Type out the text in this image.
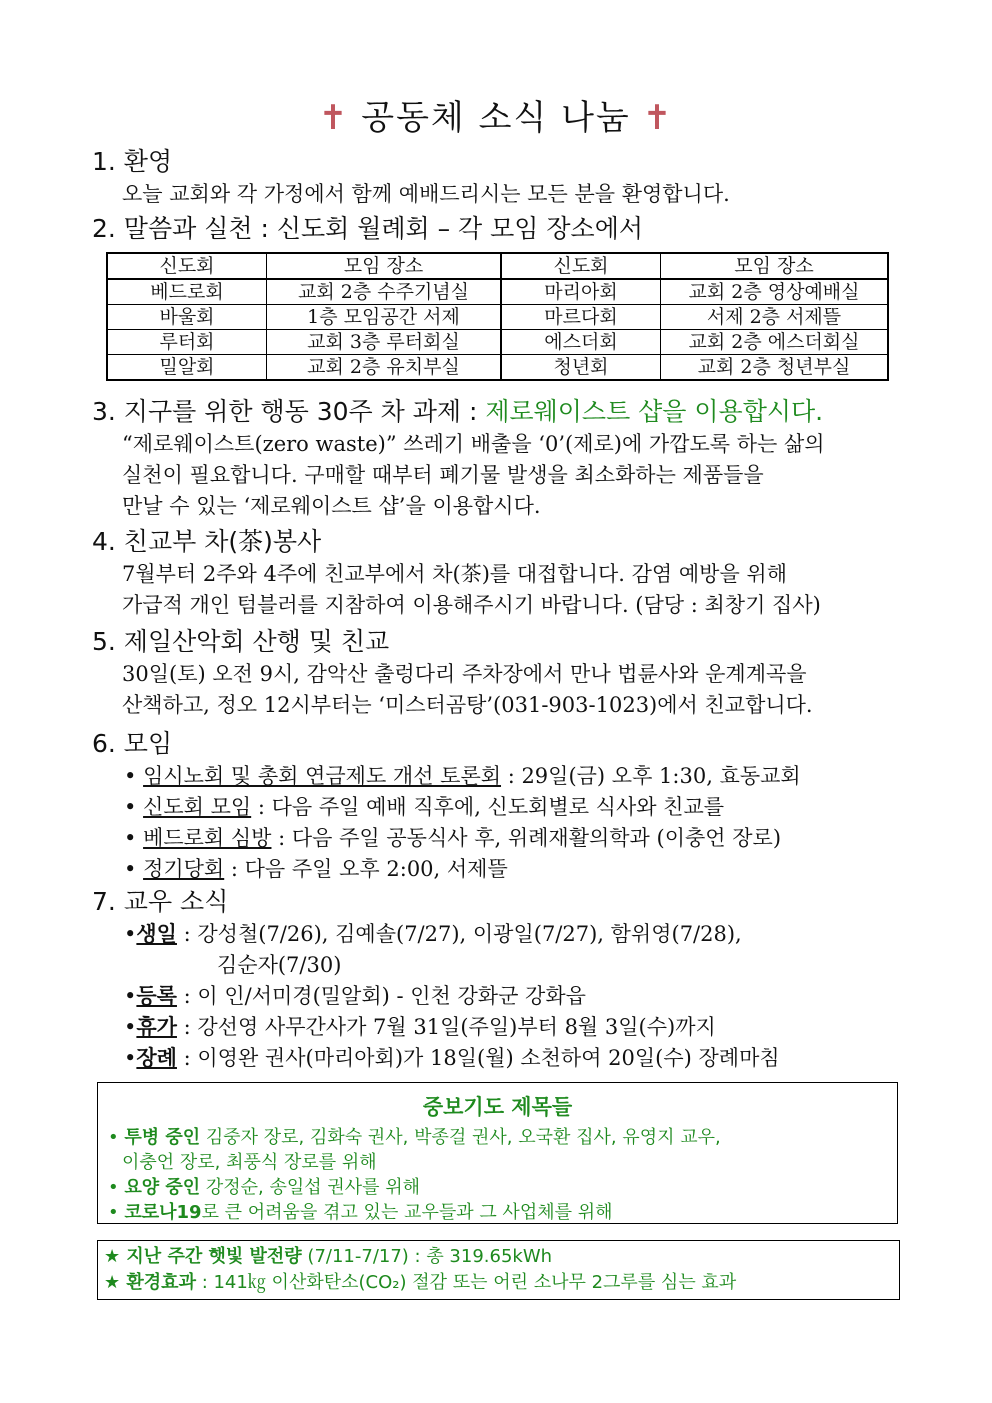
✝ 공동체 소식 나눔 ✝
1. 환영
오늘 교회와 각 가정에서 함께 예배드리시는 모든 분을 환영합니다.
2. 말씀과 실천 : 신도회 월례회 – 각 모임 장소에서
신도회	모임 장소	신도회	모임 장소
베드로회	교회 2층 수주기념실	마리아회	교회 2층 영상예배실
바울회	1층 모임공간 서제	마르다회	서제 2층 서제뜰
루터회	교회 3층 루터회실	에스더회	교회 2층 에스더회실
밀알회	교회 2층 유치부실	청년회	교회 2층 청년부실
3. 지구를 위한 행동 30주 차 과제 : 제로웨이스트 샵을 이용합시다.
“제로웨이스트(zero waste)” 쓰레기 배출을 ‘0’(제로)에 가깝도록 하는 삶의
실천이 필요합니다. 구매할 때부터 폐기물 발생을 최소화하는 제품들을
만날 수 있는 ‘제로웨이스트 샵’을 이용합시다.
4. 친교부 차(茶)봉사
7월부터 2주와 4주에 친교부에서 차(茶)를 대접합니다. 감염 예방을 위해
가급적 개인 텀블러를 지참하여 이용해주시기 바랍니다. (담당 : 최창기 집사)
5. 제일산악회 산행 및 친교
30일(토) 오전 9시, 감악산 출렁다리 주차장에서 만나 법륜사와 운계계곡을
산책하고, 정오 12시부터는 ‘미스터곰탕’(031-903-1023)에서 친교합니다.
6. 모임
• 임시노회 및 총회 연금제도 개선 토론회 : 29일(금) 오후 1:30, 효동교회
• 신도회 모임 : 다음 주일 예배 직후에, 신도회별로 식사와 친교를
• 베드로회 심방 : 다음 주일 공동식사 후, 위례재활의학과 (이충언 장로)
• 정기당회 : 다음 주일 오후 2:00, 서제뜰
7. 교우 소식
•생일 : 강성철(7/26), 김예솔(7/27), 이광일(7/27), 함위영(7/28),
김순자(7/30)
•등록 : 이 인/서미경(밀알회) - 인천 강화군 강화읍
•휴가 : 강선영 사무간사가 7월 31일(주일)부터 8월 3일(수)까지
•장례 : 이영완 권사(마리아회)가 18일(월) 소천하여 20일(수) 장례마침
중보기도 제목들
• 투병 중인 김중자 장로, 김화숙 권사, 박종걸 권사, 오국환 집사, 유영지 교우,
이충언 장로, 최풍식 장로를 위해
• 요양 중인 강정순, 송일섭 권사를 위해
• 코로나19로 큰 어려움을 겪고 있는 교우들과 그 사업체를 위해
★ 지난 주간 햇빛 발전량 (7/11-7/17) : 총 319.65kWh
★ 환경효과 : 141㎏ 이산화탄소(CO₂) 절감 또는 어린 소나무 2그루를 심는 효과
